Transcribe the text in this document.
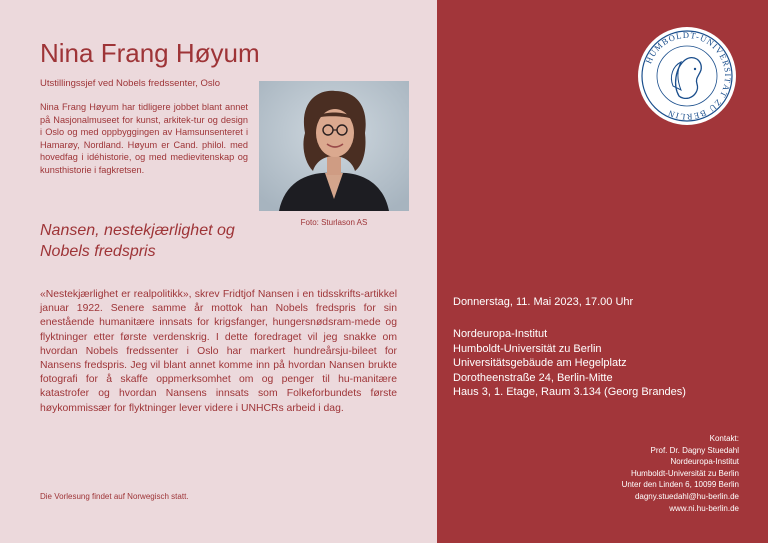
Nina Frang Høyum

Utstillingssjef ved Nobels fredssenter, Oslo

Nina Frang Høyum har tidligere jobbet blant annet på Nasjonalmuseet for kunst, arkitek-tur og design i Oslo og med oppbyggingen av Hamsunsenteret i Hamarøy, Nordland. Høyum er Cand. philol. med hovedfag i idéhistorie, og med medievitenskap og kunsthistorie i fagkretsen.

Foto: Sturlason AS

Nansen, nestekjærlighet og Nobels fredspris

«Nestekjærlighet er realpolitikk», skrev Fridtjof Nansen i en tidsskrifts-artikkel januar 1922. Senere samme år mottok han Nobels fredspris for sin enestående humanitære innsats for krigsfanger, hungersnødsram-mede og flyktninger etter første verdenskrig. I dette foredraget vil jeg snakke om hvordan Nobels fredssenter i Oslo har markert hundreårsju-bileet for Nansens fredspris. Jeg vil blant annet komme inn på hvordan Nansen brukte fotografi for å skaffe oppmerksomhet om og penger til hu-manitære katastrofer og hvordan Nansens innsats som Folkeforbundets første høykommissær for flyktninger lever videre i UNHCRs arbeid i dag.

Die Vorlesung findet auf Norwegisch statt.

HUMBOLDT-UNIVERSITÄT ZU BERLIN

Donnerstag, 11. Mai 2023, 17.00 Uhr

Nordeuropa-Institut
Humboldt-Universität zu Berlin
Universitätsgebäude am Hegelplatz
Dorotheenstraße 24, Berlin-Mitte
Haus 3, 1. Etage, Raum 3.134 (Georg Brandes)
Kontakt:
Prof. Dr. Dagny Stuedahl
Nordeuropa-Institut
Humboldt-Universität zu Berlin
Unter den Linden 6, 10099 Berlin
dagny.stuedahl@hu-berlin.de
www.ni.hu-berlin.de
